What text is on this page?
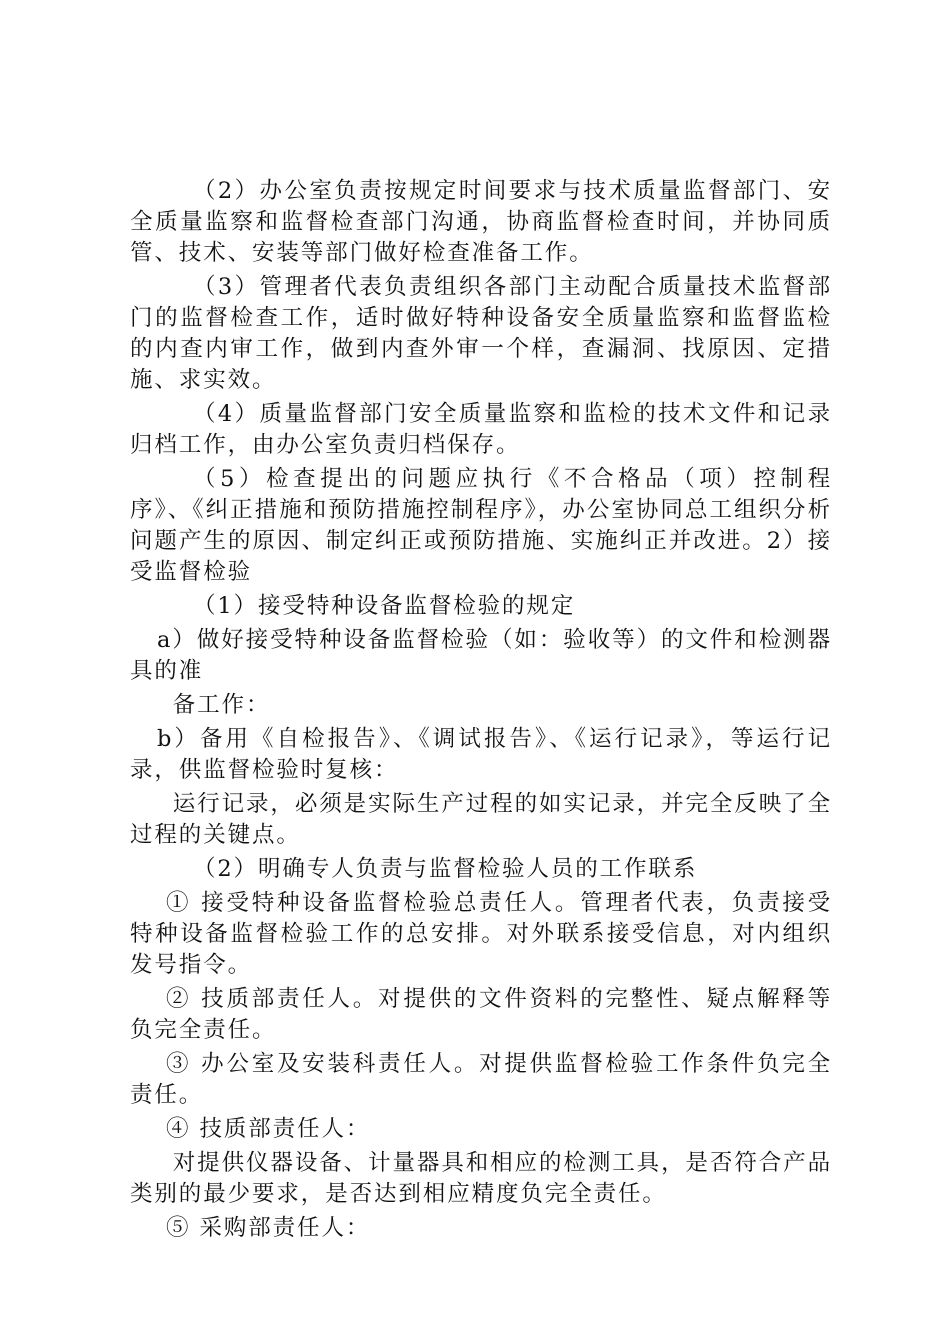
（2）办公室负责按规定时间要求与技术质量监督部门、安全质量监察和监督检查部门沟通，协商监督检查时间，并协同质管、技术、安装等部门做好检查准备工作。

（3）管理者代表负责组织各部门主动配合质量技术监督部门的监督检查工作，适时做好特种设备安全质量监察和监督监检的内查内审工作，做到内查外审一个样，查漏洞、找原因、定措施、求实效。

（4）质量监督部门安全质量监察和监检的技术文件和记录归档工作，由办公室负责归档保存。

（5）检查提出的问题应执行《不合格品（项）控制程序》、《纠正措施和预防措施控制程序》，办公室协同总工组织分析问题产生的原因、制定纠正或预防措施、实施纠正并改进。2）接受监督检验

（1）接受特种设备监督检验的规定

a）做好接受特种设备监督检验（如：验收等）的文件和检测器具的准

备工作：

b）备用《自检报告》、《调试报告》、《运行记录》，等运行记录，供监督检验时复核：

运行记录，必须是实际生产过程的如实记录，并完全反映了全过程的关键点。

（2）明确专人负责与监督检验人员的工作联系

① 接受特种设备监督检验总责任人。管理者代表，负责接受特种设备监督检验工作的总安排。对外联系接受信息，对内组织发号指令。

② 技质部责任人。对提供的文件资料的完整性、疑点解释等负完全责任。

③ 办公室及安装科责任人。对提供监督检验工作条件负完全责任。

④ 技质部责任人：

对提供仪器设备、计量器具和相应的检测工具，是否符合产品类别的最少要求，是否达到相应精度负完全责任。

⑤ 采购部责任人：
